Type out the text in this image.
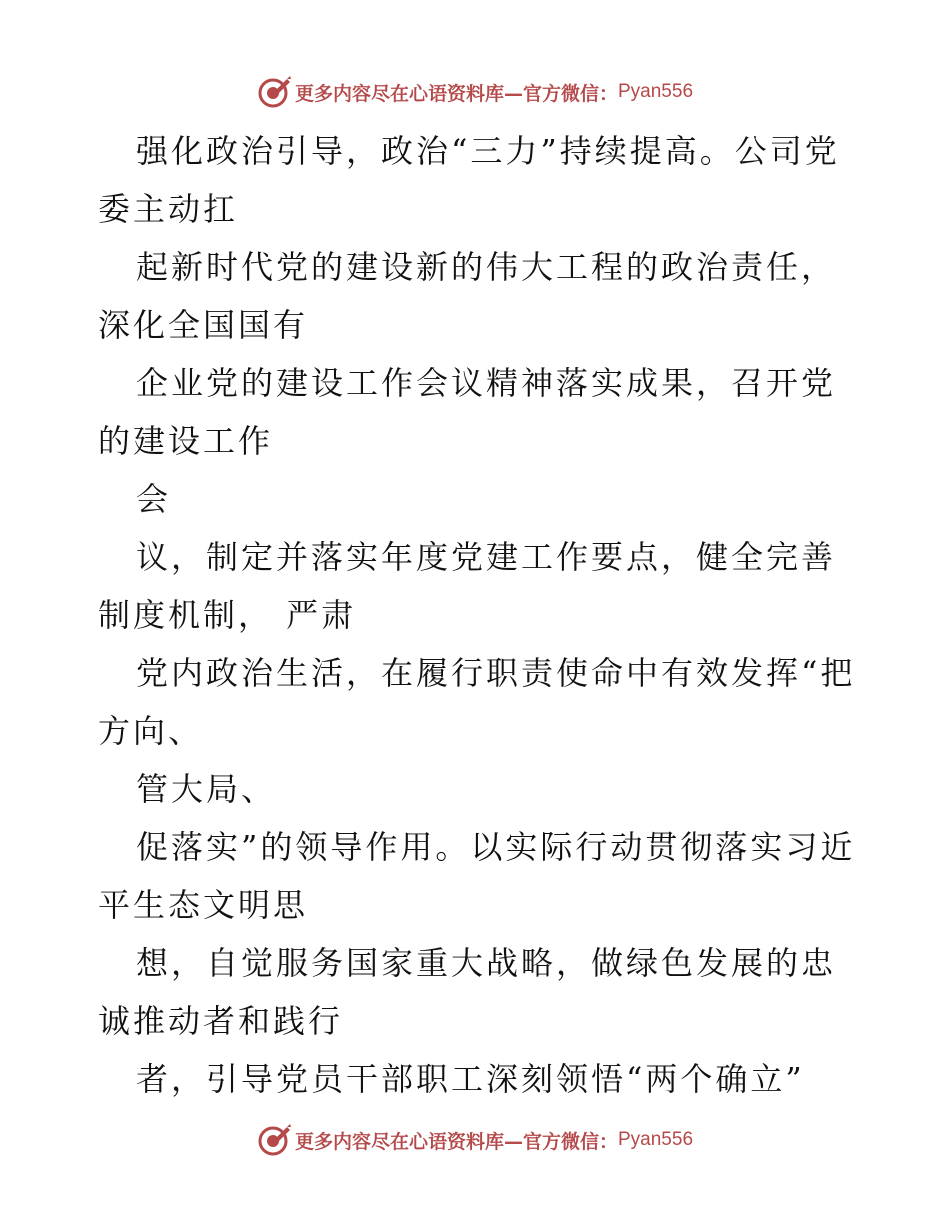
更多内容尽在心语资料库—官方微信： Pyan556

强化政治引导，政治“三力”持续提高。公司党委主动扛

起新时代党的建设新的伟大工程的政治责任，深化全国国有

企业党的建设工作会议精神落实成果，召开党的建设工作

会

议，制定并落实年度党建工作要点，健全完善制度机制， 严肃

党内政治生活，在履行职责使命中有效发挥“把方向、

管大局、

促落实”的领导作用。以实际行动贯彻落实习近平生态文明思

想，自觉服务国家重大战略，做绿色发展的忠诚推动者和践行

者，引导党员干部职工深刻领悟“两个确立”

更多内容尽在心语资料库—官方微信： Pyan556
